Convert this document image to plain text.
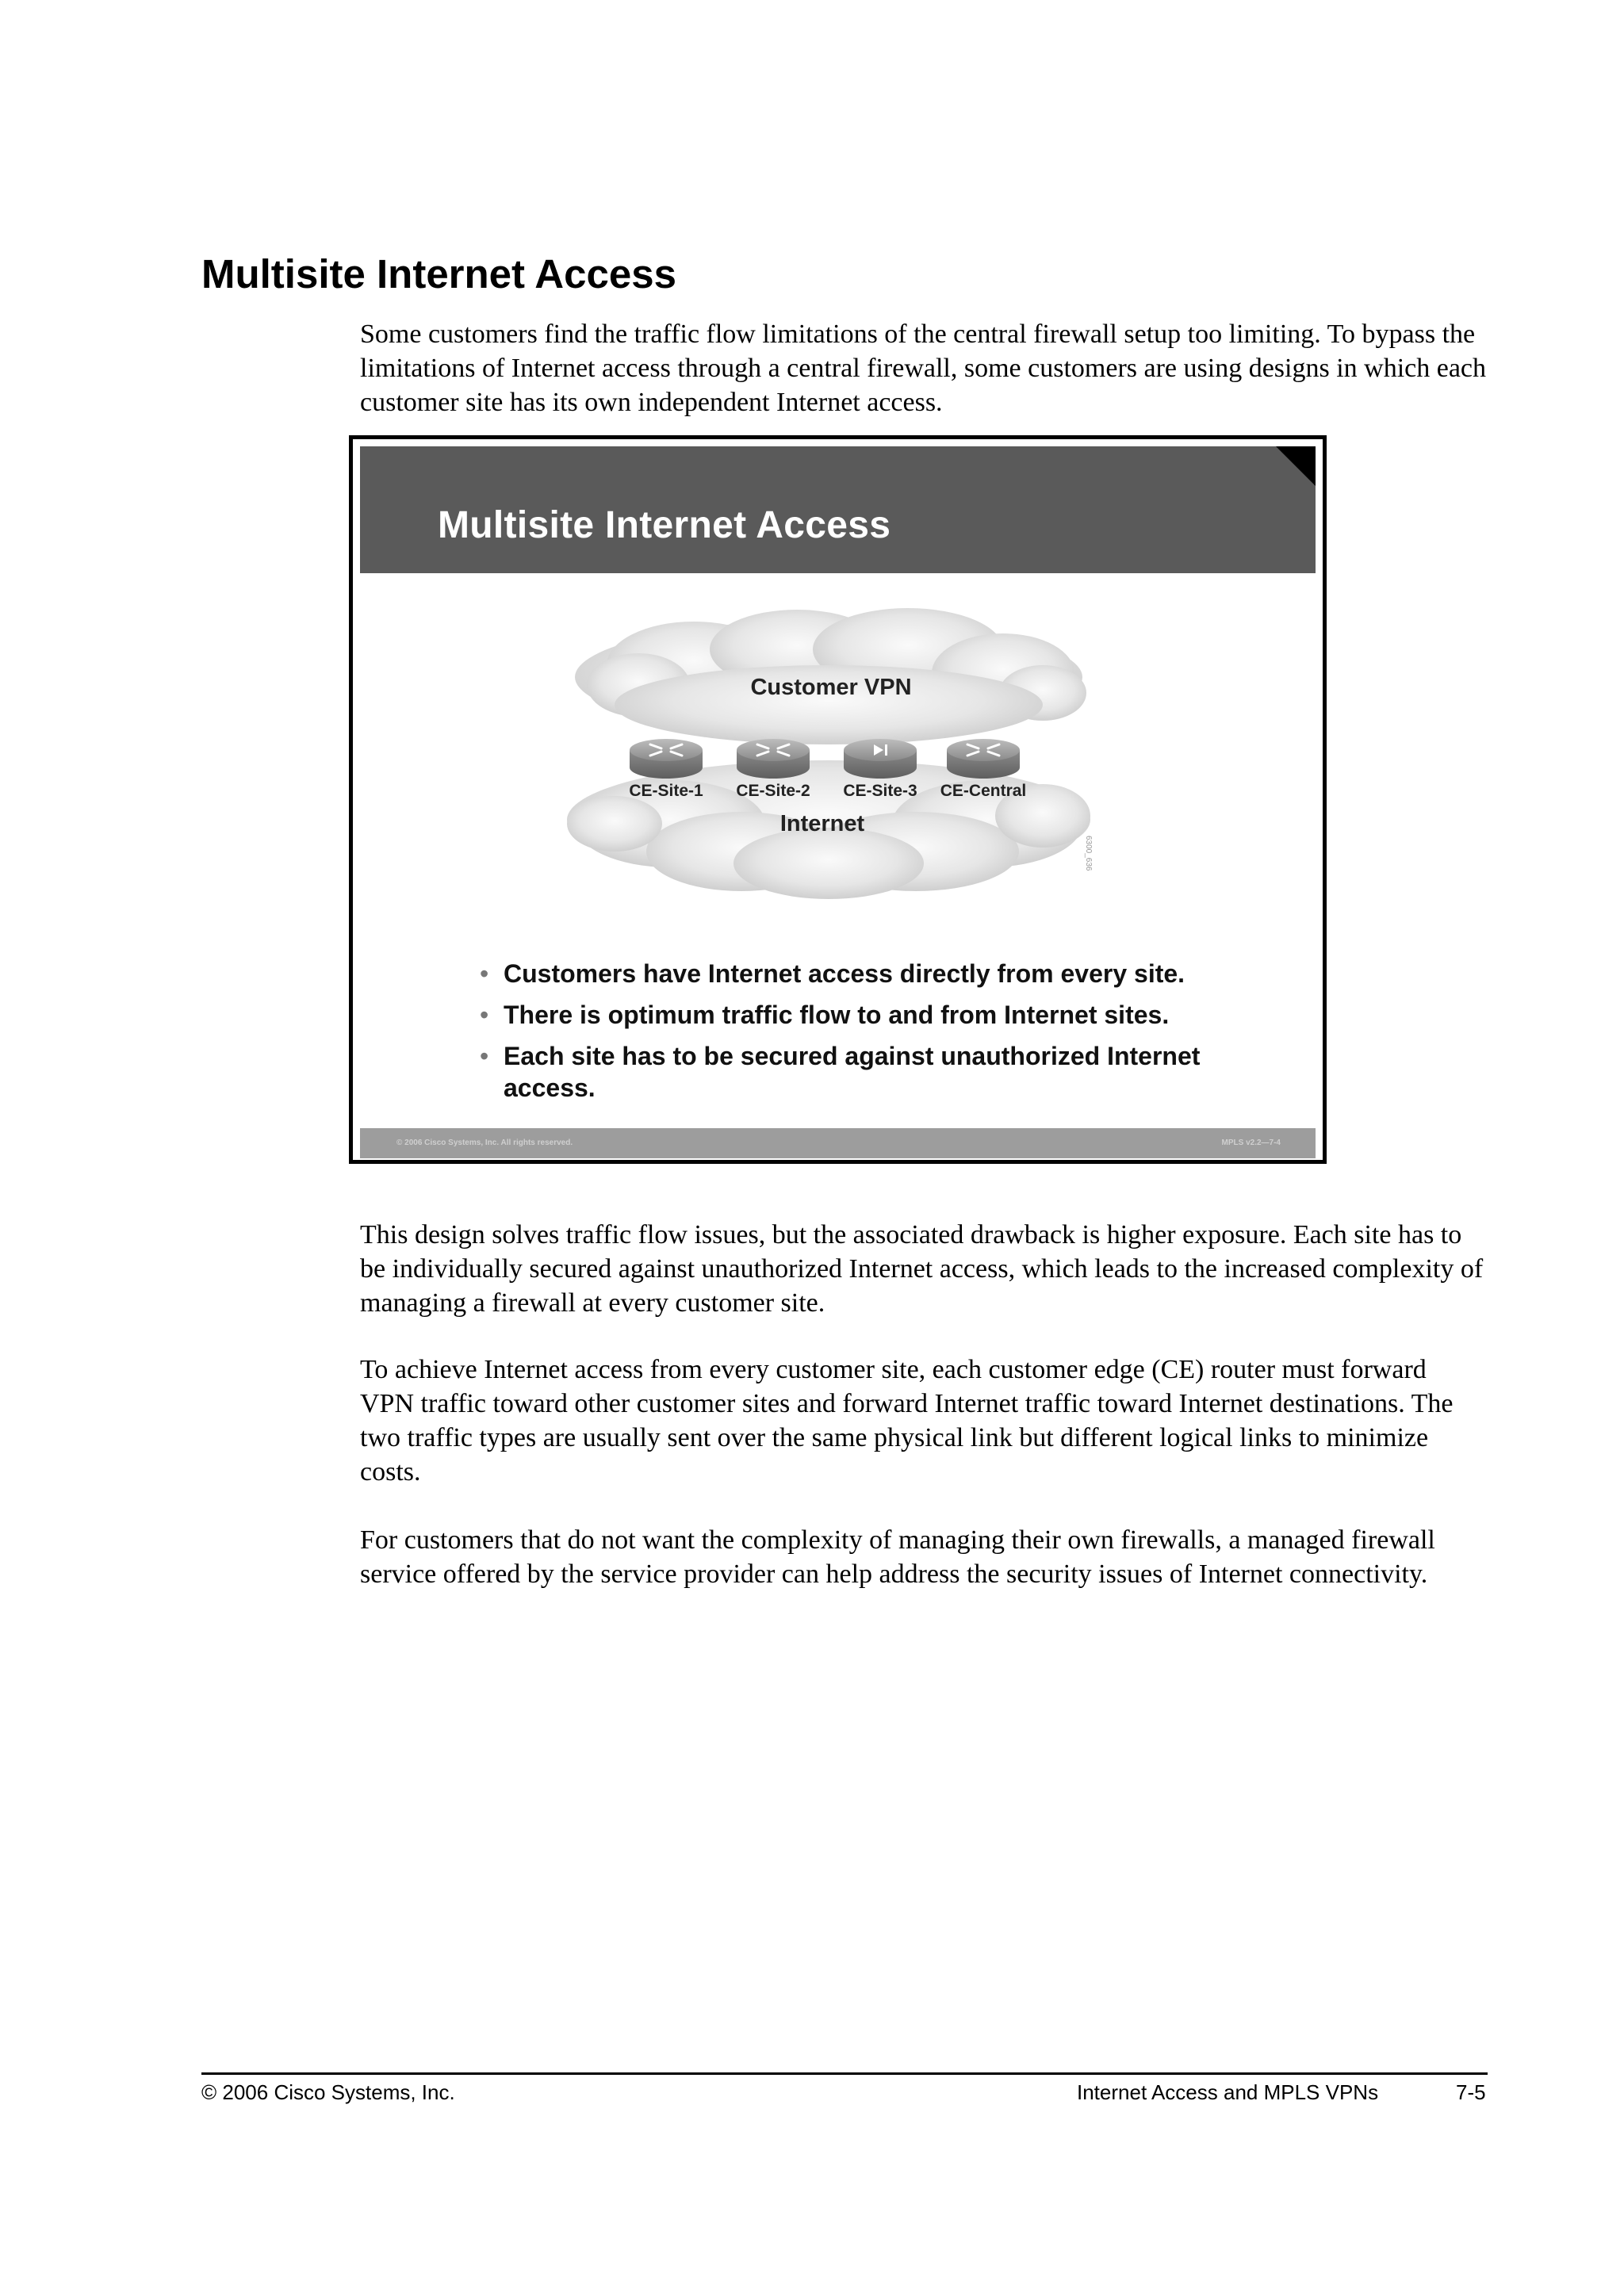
Multisite Internet Access

Some customers find the traffic flow limitations of the central firewall setup too limiting. To bypass the limitations of Internet access through a central firewall, some customers are using designs in which each customer site has its own independent Internet access.

Multisite Internet Access
CE-Site-1 CE-Site-2 CE-Site-3 CE-Central
Customer VPN
Internet
6300_636
• Customers have Internet access directly from every site.
• There is optimum traffic flow to and from Internet sites.
• Each site has to be secured against unauthorized Internet access.
© 2006 Cisco Systems, Inc. All rights reserved.	MPLS v2.2—7-4

This design solves traffic flow issues, but the associated drawback is higher exposure. Each site has to be individually secured against unauthorized Internet access, which leads to the increased complexity of managing a firewall at every customer site.

To achieve Internet access from every customer site, each customer edge (CE) router must forward VPN traffic toward other customer sites and forward Internet traffic toward Internet destinations. The two traffic types are usually sent over the same physical link but different logical links to minimize costs.

For customers that do not want the complexity of managing their own firewalls, a managed firewall service offered by the service provider can help address the security issues of Internet connectivity.

© 2006 Cisco Systems, Inc.	Internet Access and MPLS VPNs	7-5
